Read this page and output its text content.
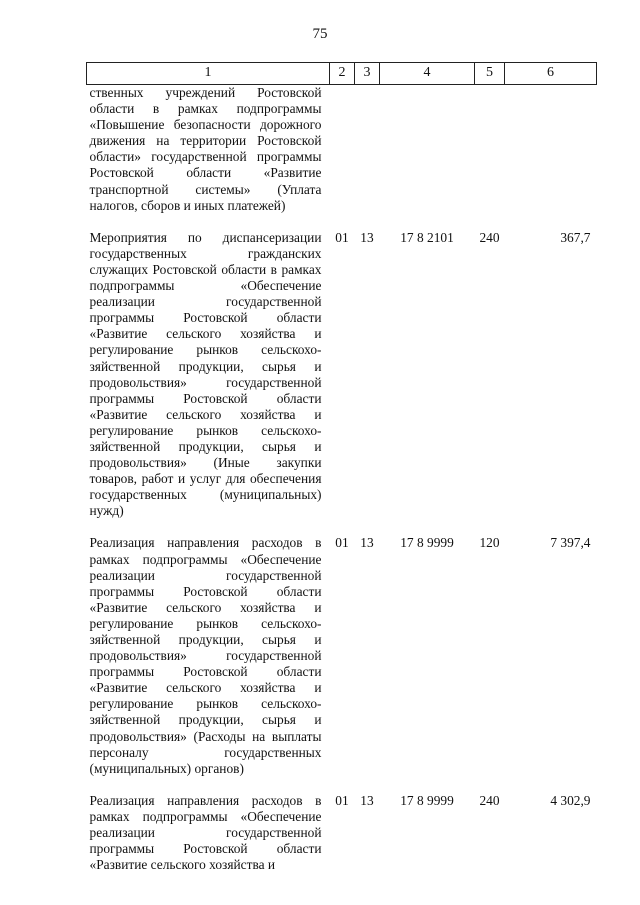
75
1	2	3	4	5	6
ственных учреждений Ростовской области в рамках подпрограммы «Повышение безопасности дорожного движения на территории Ростовской области» государственной программы Ростовской области «Развитие транспортной системы» (Уплата налогов, сборов и иных платежей)					

Мероприятия по диспансеризации государственных гражданских служащих Ростовской области в рамках подпрограммы «Обеспечение реализации государственной программы Ростовской области «Развитие сельского хозяйства и регулирование рынков сельскохозяйственной продукции, сырья и продовольствия» государственной программы Ростовской области «Развитие сельского хозяйства и регулирование рынков сельскохозяйственной продукции, сырья и продовольствия» (Иные закупки товаров, работ и услуг для обеспечения государственных (муниципальных) нужд)	01	13	17 8 2101	240	367,7

Реализация направления расходов в рамках подпрограммы «Обеспечение реализации государственной программы Ростовской области «Развитие сельского хозяйства и регулирование рынков сельскохозяйственной продукции, сырья и продовольствия» государственной программы Ростовской области «Развитие сельского хозяйства и регулирование рынков сельскохозяйственной продукции, сырья и продовольствия» (Расходы на выплаты персоналу государственных (муниципальных) органов)	01	13	17 8 9999	120	7 397,4

Реализация направления расходов в рамках подпрограммы «Обеспечение реализации государственной программы Ростовской области «Развитие сельского хозяйства и	01	13	17 8 9999	240	4 302,9
